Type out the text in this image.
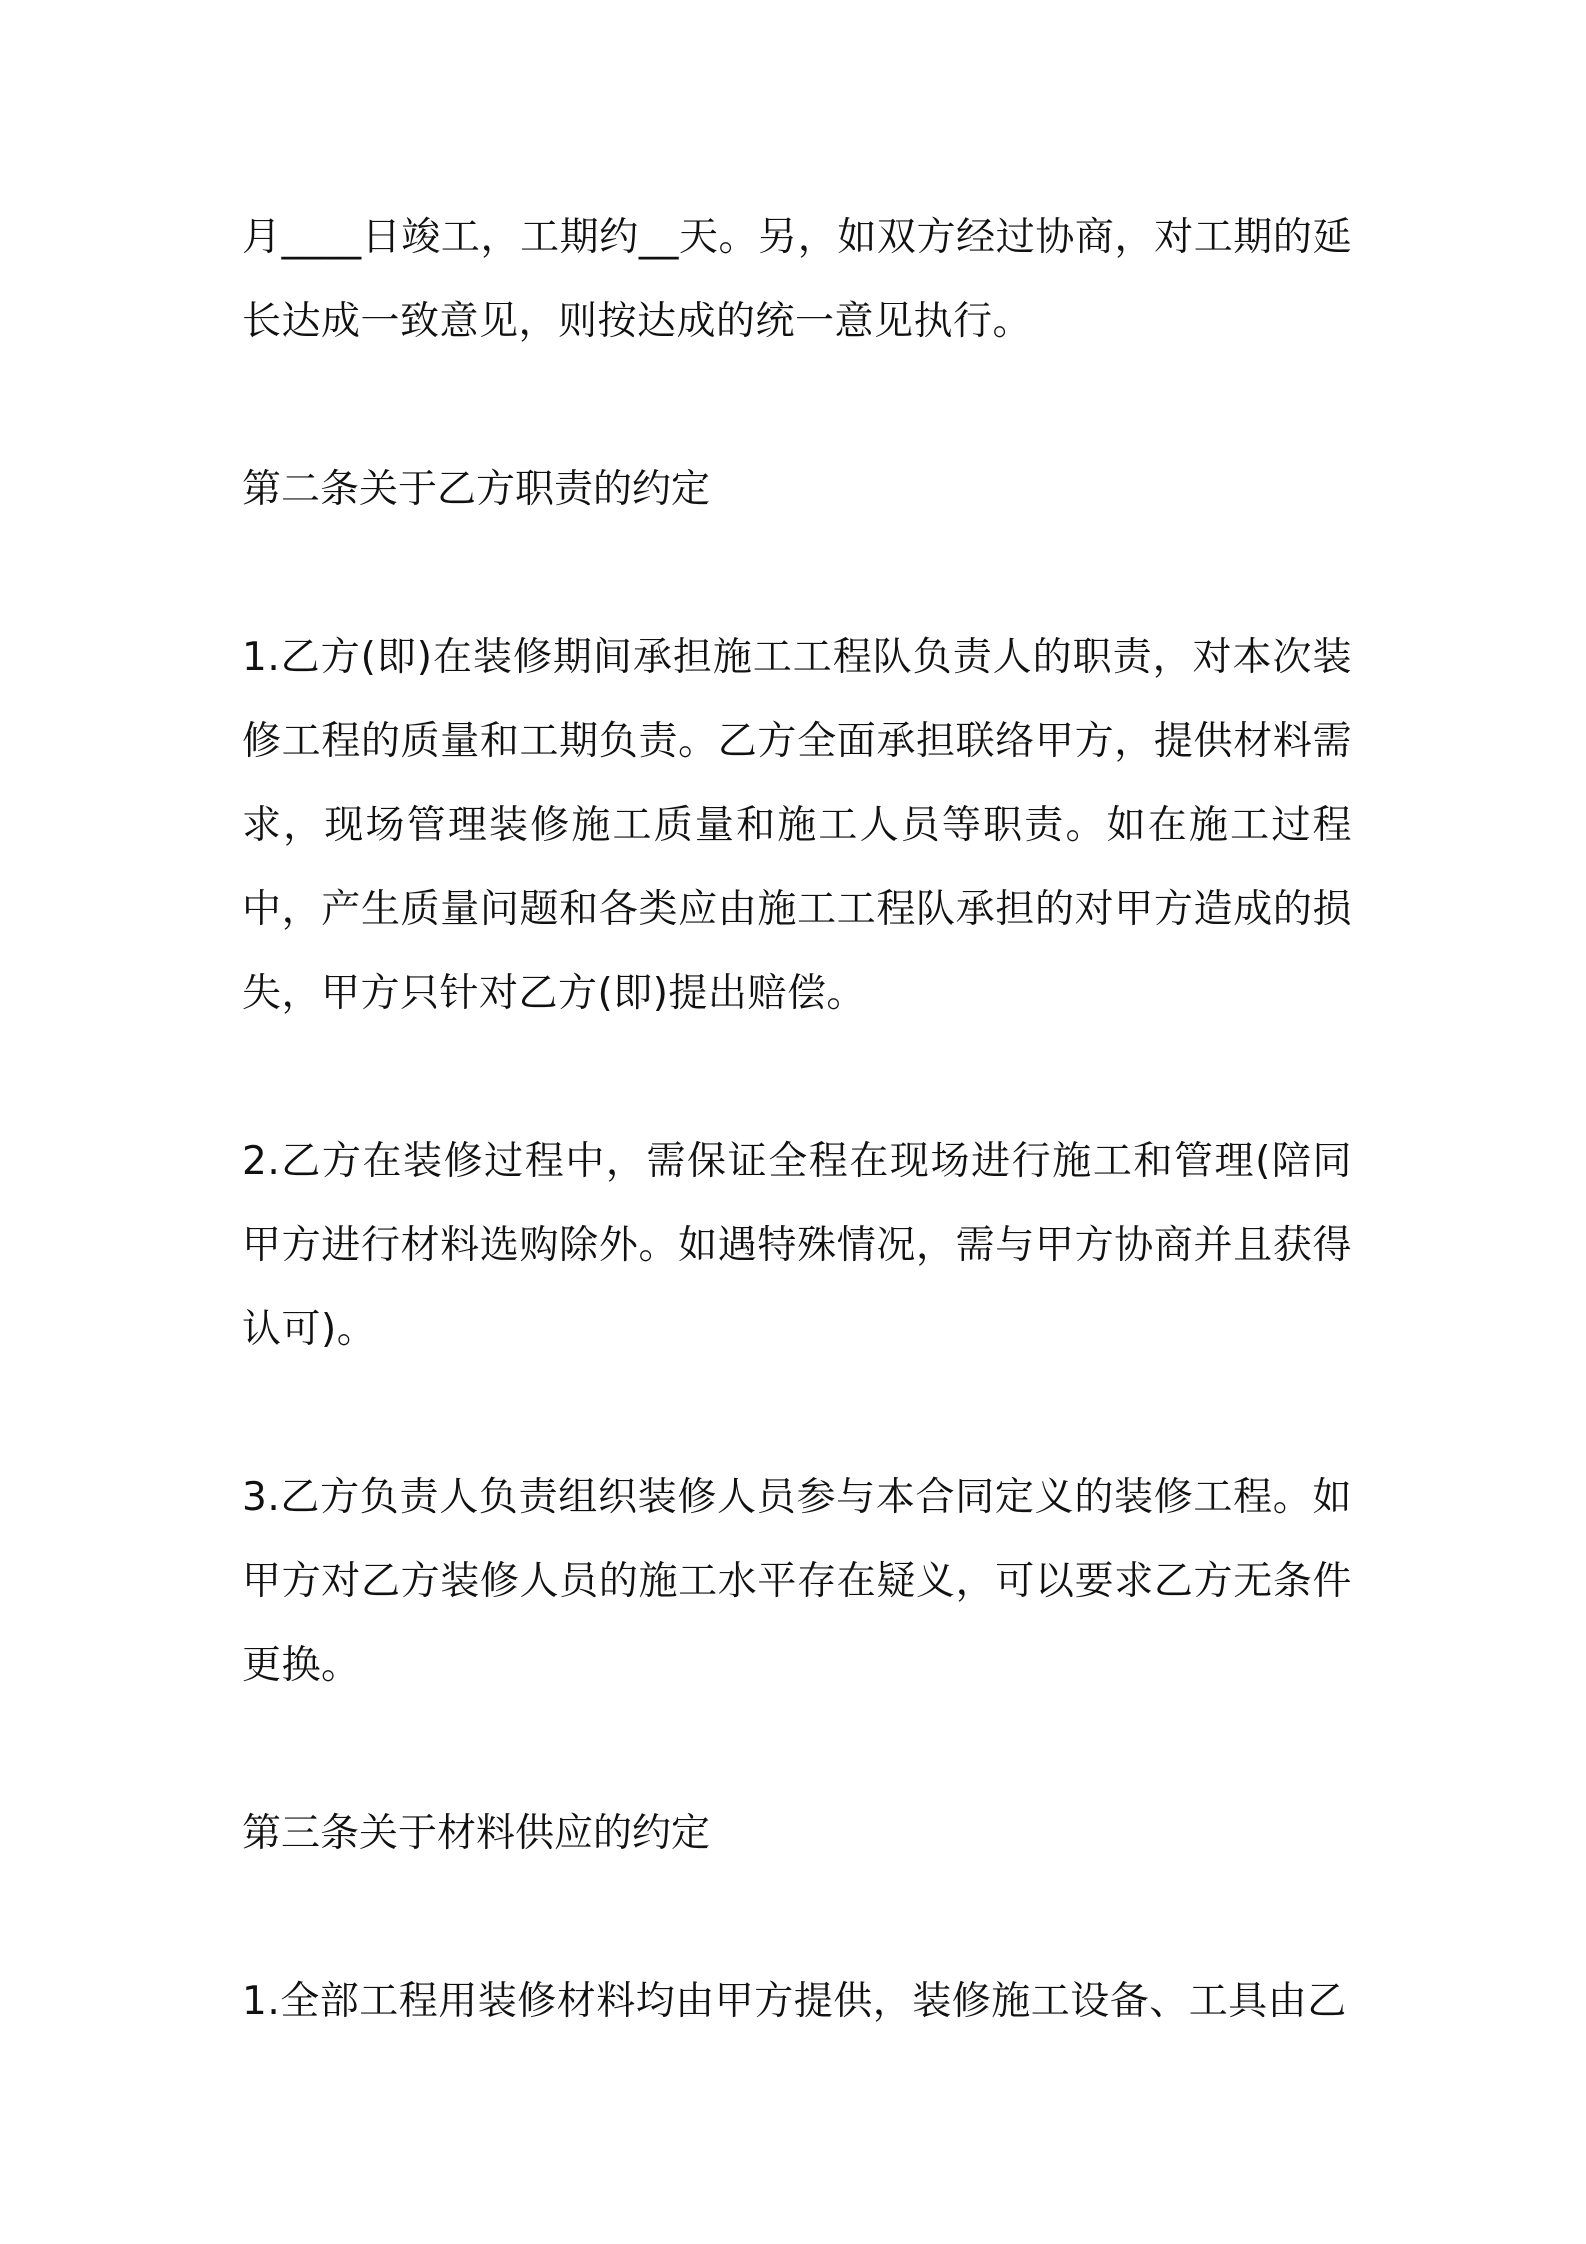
月____日竣工，工期约__天。另，如双方经过协商，对工期的延长达成一致意见，则按达成的统一意见执行。

第二条关于乙方职责的约定

1.乙方(即)在装修期间承担施工工程队负责人的职责，对本次装修工程的质量和工期负责。乙方全面承担联络甲方，提供材料需求，现场管理装修施工质量和施工人员等职责。如在施工过程中，产生质量问题和各类应由施工工程队承担的对甲方造成的损失，甲方只针对乙方(即)提出赔偿。

2.乙方在装修过程中，需保证全程在现场进行施工和管理(陪同甲方进行材料选购除外。如遇特殊情况，需与甲方协商并且获得认可)。

3.乙方负责人负责组织装修人员参与本合同定义的装修工程。如甲方对乙方装修人员的施工水平存在疑义，可以要求乙方无条件更换。

第三条关于材料供应的约定

1.全部工程用装修材料均由甲方提供，装修施工设备、工具由乙
